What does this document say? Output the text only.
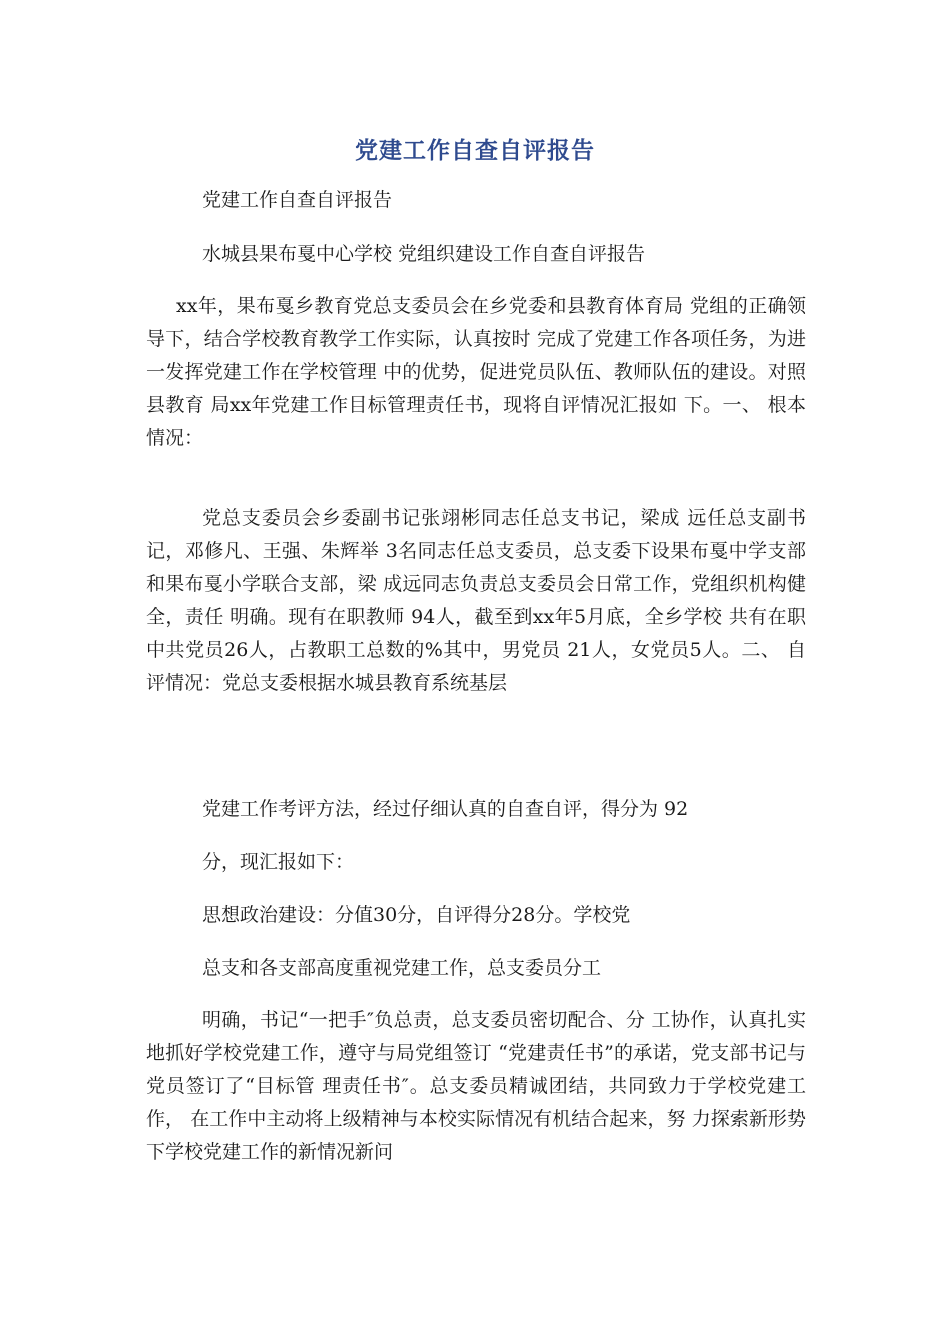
党建工作自查自评报告

党建工作自查自评报告

水城县果布戛中心学校 党组织建设工作自查自评报告

xx年，果布戛乡教育党总支委员会在乡党委和县教育体育局 党组的正确领导下，结合学校教育教学工作实际，认真按时 完成了党建工作各项任务，为进一发挥党建工作在学校管理 中的优势，促进党员队伍、教师队伍的建设。对照县教育 局xx年党建工作目标管理责任书，现将自评情况汇报如 下。一、 根本情况：

党总支委员会乡委副书记张翊彬同志任总支书记，梁成 远任总支副书记，邓修凡、王强、朱辉举 3名同志任总支委员，总支委下设果布戛中学支部和果布戛小学联合支部，梁 成远同志负责总支委员会日常工作，党组织机构健全，责任 明确。现有在职教师 94人，截至到xx年5月底，全乡学校 共有在职中共党员26人，占教职工总数的%其中，男党员 21人，女党员5人。二、 自评情况：党总支委根据水城县教育系统基层

党建工作考评方法，经过仔细认真的自查自评，得分为 92

分，现汇报如下：

思想政治建设：分值30分，自评得分28分。学校党

总支和各支部高度重视党建工作，总支委员分工

明确，书记“一把手″负总责，总支委员密切配合、分 工协作，认真扎实地抓好学校党建工作，遵守与局党组签订 “党建责任书”的承诺，党支部书记与党员签订了“目标管 理责任书″。总支委员精诚团结，共同致力于学校党建工作， 在工作中主动将上级精神与本校实际情况有机结合起来，努 力探索新形势下学校党建工作的新情况新问
